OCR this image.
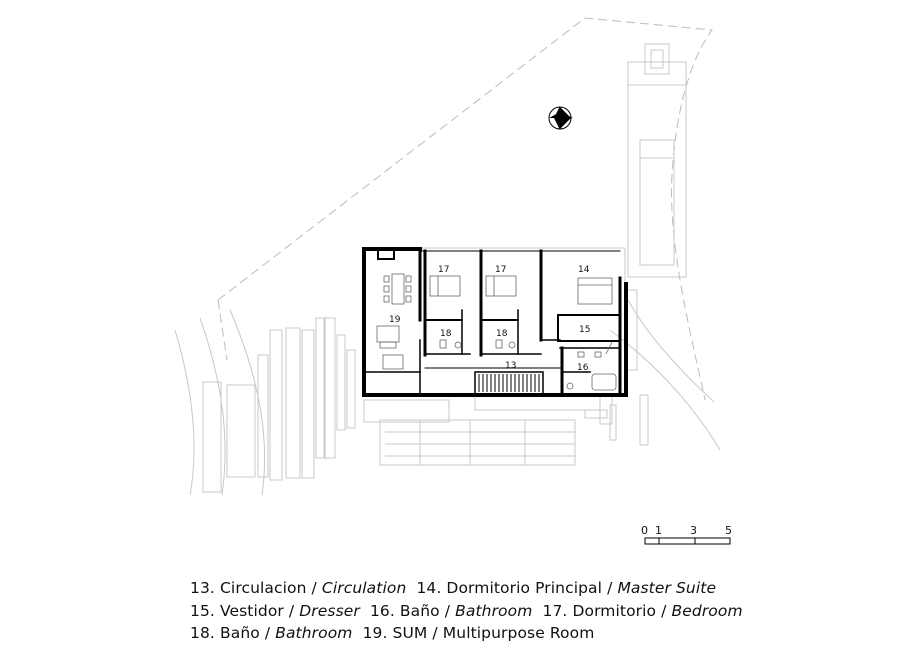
19
17	17	14
15
18	18
13	16
0 1	3	5
13. Circulacion / Circulation 14. Dormitorio Principal / Master Suite  15. Vestidor / Dresser 16. Baño / Bathroom 17. Dormitorio / Bedroom  18. Baño / Bathroom 19. SUM / Multipurpose Room
